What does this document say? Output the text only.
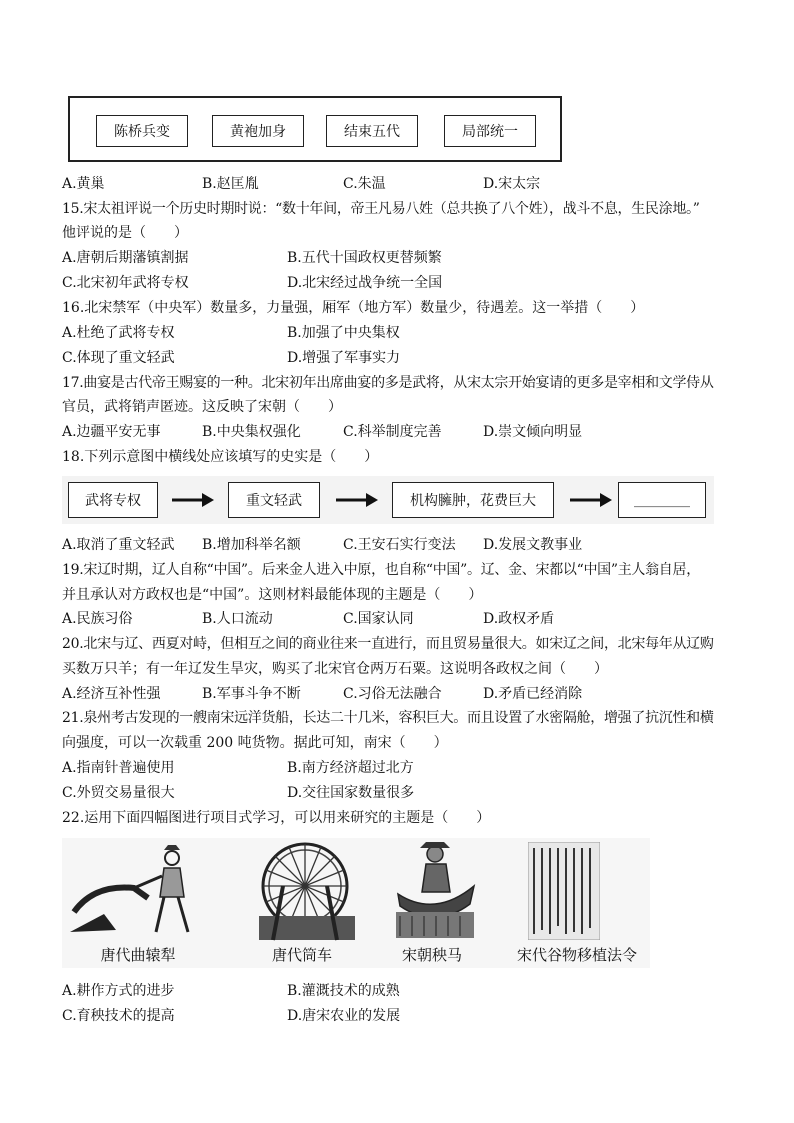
陈桥兵变	黄袍加身	结束五代	局部统一
A.黄巢	B.赵匡胤	C.朱温	D.宋太宗
15.宋太祖评说一个历史时期时说：“数十年间，帝王凡易八姓（总共换了八个姓），战斗不息，生民涂地。”
他评说的是（　　）
A.唐朝后期藩镇割据	B.五代十国政权更替频繁
C.北宋初年武将专权	D.北宋经过战争统一全国
16.北宋禁军（中央军）数量多，力量强，厢军（地方军）数量少，待遇差。这一举措（　　）
A.杜绝了武将专权	B.加强了中央集权
C.体现了重文轻武	D.增强了军事实力
17.曲宴是古代帝王赐宴的一种。北宋初年出席曲宴的多是武将，从宋太宗开始宴请的更多是宰相和文学侍从
官员，武将销声匿迹。这反映了宋朝（　　）
A.边疆平安无事	B.中央集权强化	C.科举制度完善	D.崇文倾向明显
18.下列示意图中横线处应该填写的史实是（　　）
武将专权	重文轻武	机构臃肿，花费巨大	________
A.取消了重文轻武 B.增加科举名额	C.王安石实行变法 D.发展文教事业
19.宋辽时期，辽人自称“中国”。后来金人进入中原，也自称“中国”。辽、金、宋都以“中国”主人翁自居，
并且承认对方政权也是“中国”。这则材料最能体现的主题是（　　）
A.民族习俗	B.人口流动	C.国家认同	D.政权矛盾
20.北宋与辽、西夏对峙，但相互之间的商业往来一直进行，而且贸易量很大。如宋辽之间，北宋每年从辽购
买数万只羊；有一年辽发生旱灾，购买了北宋官仓两万石粟。这说明各政权之间（　　）
A.经济互补性强	B.军事斗争不断	C.习俗无法融合	D.矛盾已经消除
21.泉州考古发现的一艘南宋远洋货船，长达二十几米，容积巨大。而且设置了水密隔舱，增强了抗沉性和横
向强度，可以一次载重 200 吨货物。据此可知，南宋（　　）
A.指南针普遍使用	B.南方经济超过北方
C.外贸交易量很大	D.交往国家数量很多
22.运用下面四幅图进行项目式学习，可以用来研究的主题是（　　）
唐代曲辕犁	唐代筒车	宋朝秧马	宋代谷物移植法令
A.耕作方式的进步	B.灌溉技术的成熟
C.育秧技术的提高	D.唐宋农业的发展
